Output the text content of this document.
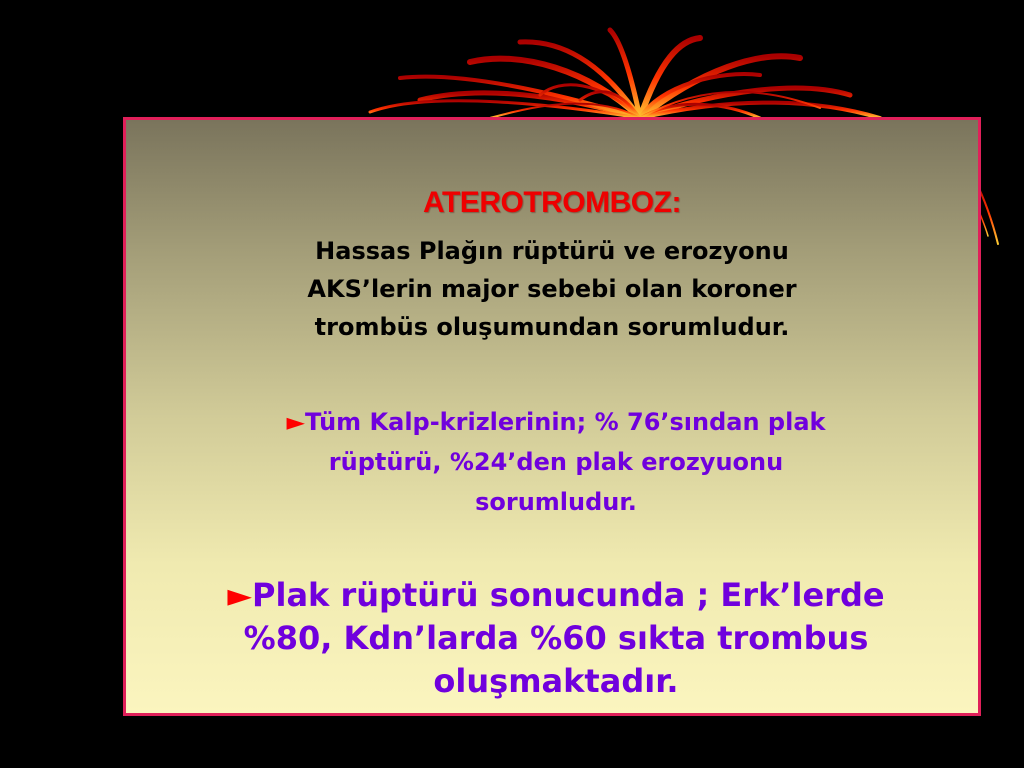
ATEROTROMBOZ:
Hassas Plağın rüptürü ve erozyonu
AKS’lerin major sebebi olan koroner
trombüs oluşumundan sorumludur.
►Tüm Kalp-krizlerinin; % 76’sından plak
rüptürü, %24’den plak erozyuonu
sorumludur.
►Plak rüptürü sonucunda ; Erk’lerde
%80, Kdn’larda %60 sıkta trombus
oluşmaktadır.
